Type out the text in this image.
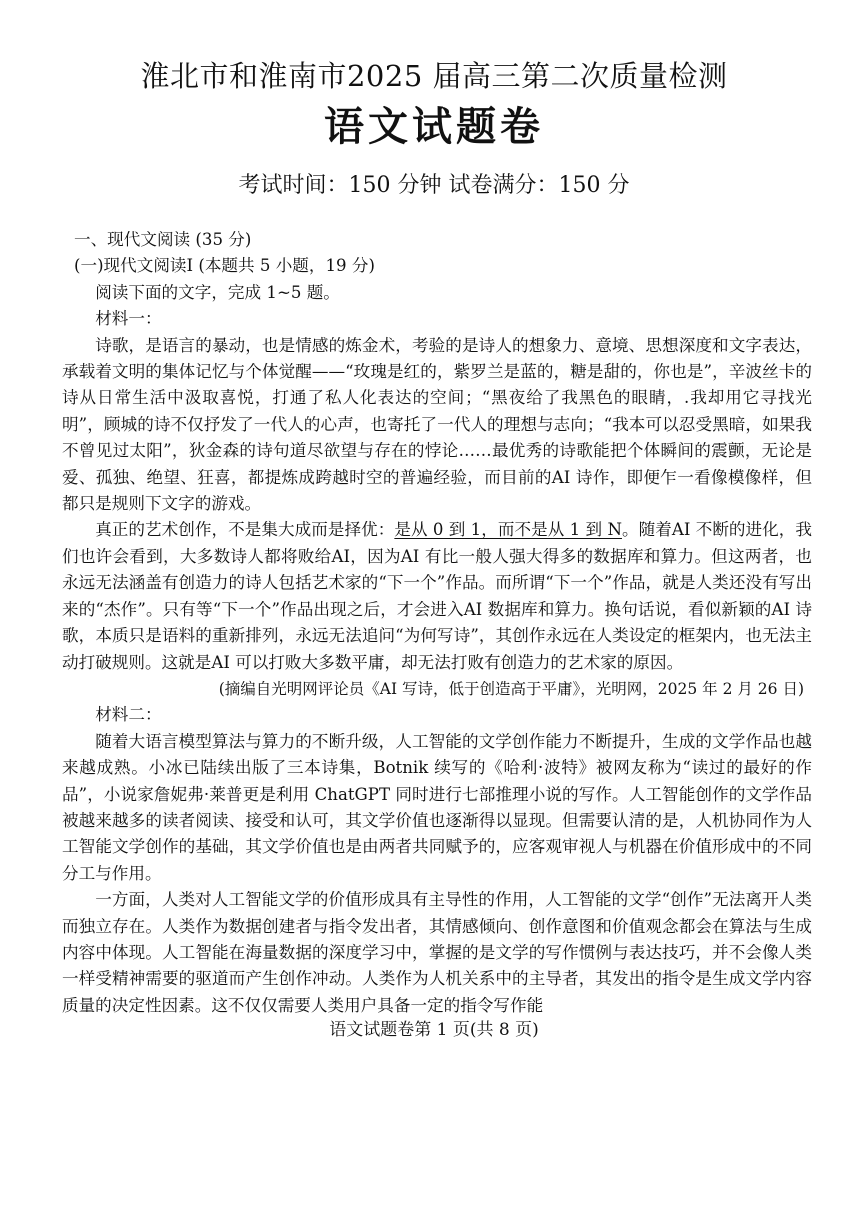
淮北市和淮南市2025 届高三第二次质量检测
语文试题卷
考试时间：150 分钟 试卷满分：150 分

一、现代文阅读 (35 分)

(一)现代文阅读Ⅰ (本题共 5 小题，19 分)

阅读下面的文字，完成 1~5 题。

材料一：

诗歌，是语言的暴动，也是情感的炼金术，考验的是诗人的想象力、意境、思想深度和文字表达，承载着文明的集体记忆与个体觉醒——“玫瑰是红的，紫罗兰是蓝的，糖是甜的，你也是”，辛波丝卡的诗从日常生活中汲取喜悦，打通了私人化表达的空间；“黑夜给了我黑色的眼睛，.我却用它寻找光明”，顾城的诗不仅抒发了一代人的心声，也寄托了一代人的理想与志向；“我本可以忍受黑暗，如果我不曾见过太阳”，狄金森的诗句道尽欲望与存在的悖论……最优秀的诗歌能把个体瞬间的震颤，无论是爱、孤独、绝望、狂喜，都提炼成跨越时空的普遍经验，而目前的AI 诗作，即便乍一看像模像样，但都只是规则下文字的游戏。

真正的艺术创作，不是集大成而是择优：是从 0 到 1，而不是从 1 到 N。随着AI 不断的进化，我们也许会看到，大多数诗人都将败给AI，因为AI 有比一般人强大得多的数据库和算力。但这两者，也永远无法涵盖有创造力的诗人包括艺术家的“下一个”作品。而所谓“下一个”作品，就是人类还没有写出来的“杰作”。只有等“下一个”作品出现之后，才会进入AI 数据库和算力。换句话说，看似新颖的AI 诗歌，本质只是语料的重新排列，永远无法追问“为何写诗”，其创作永远在人类设定的框架内，也无法主动打破规则。这就是AI 可以打败大多数平庸，却无法打败有创造力的艺术家的原因。

(摘编自光明网评论员《AI 写诗，低于创造高于平庸》，光明网，2025 年 2 月 26 日)

材料二：

随着大语言模型算法与算力的不断升级，人工智能的文学创作能力不断提升，生成的文学作品也越来越成熟。小冰已陆续出版了三本诗集，Botnik 续写的《哈利·波特》被网友称为“读过的最好的作品”，小说家詹妮弗·莱普更是利用 ChatGPT 同时进行七部推理小说的写作。人工智能创作的文学作品被越来越多的读者阅读、接受和认可，其文学价值也逐渐得以显现。但需要认清的是，人机协同作为人工智能文学创作的基础，其文学价值也是由两者共同赋予的，应客观审视人与机器在价值形成中的不同分工与作用。

一方面，人类对人工智能文学的价值形成具有主导性的作用，人工智能的文学“创作”无法离开人类而独立存在。人类作为数据创建者与指令发出者，其情感倾向、创作意图和价值观念都会在算法与生成内容中体现。人工智能在海量数据的深度学习中，掌握的是文学的写作惯例与表达技巧，并不会像人类一样受精神需要的驱道而产生创作冲动。人类作为人机关系中的主导者，其发出的指令是生成文学内容质量的决定性因素。这不仅仅需要人类用户具备一定的指令写作能

语文试题卷第 1 页(共 8 页)
